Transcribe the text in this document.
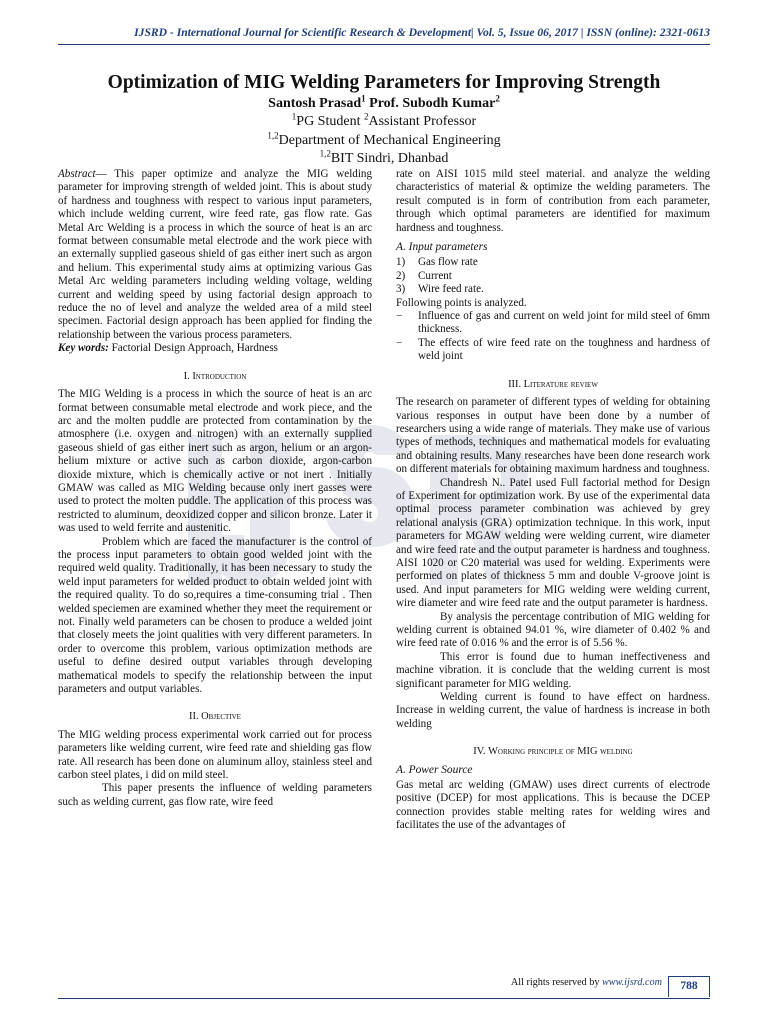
IJSRD - International Journal for Scientific Research & Development| Vol. 5, Issue 06, 2017 | ISSN (online): 2321-0613
Optimization of MIG Welding Parameters for Improving Strength
Santosh Prasad$^1$ Prof. Subodh Kumar$^2$
$^1$PG Student $^2$Assistant Professor
$^{1,2}$Department of Mechanical Engineering
$^{1,2}$BIT Sindri, Dhanbad

Abstract— This paper optimize and analyze the MIG welding parameter for improving strength of welded joint. This is about study of hardness and toughness with respect to various input parameters, which include welding current, wire feed rate, gas flow rate. Gas Metal Arc Welding is a process in which the source of heat is an arc format between consumable metal electrode and the work piece with an externally supplied gaseous shield of gas either inert such as argon and helium. This experimental study aims at optimizing various Gas Metal Arc welding parameters including welding voltage, welding current and welding speed by using factorial design approach to reduce the no of level and analyze the welded area of a mild steel specimen. Factorial design approach has been applied for finding the relationship between the various process parameters.

Key words: Factorial Design Approach, Hardness

I. Introduction

The MIG Welding is a process in which the source of heat is an arc format between consumable metal electrode and work piece, and the arc and the molten puddle are protected from contamination by the atmosphere (i.e. oxygen and nitrogen) with an externally supplied gaseous shield of gas either inert such as argon, helium or an argon-helium mixture or active such as carbon dioxide, argon-carbon dioxide mixture, which is chemically active or not inert . Initially GMAW was called as MIG Welding because only inert gasses were used to protect the molten puddle. The application of this process was restricted to aluminum, deoxidized copper and silicon bronze. Later it was used to weld ferrite and austenitic.

Problem which are faced the manufacturer is the control of the process input parameters to obtain good welded joint with the required weld quality. Traditionally, it has been necessary to study the weld input parameters for welded product to obtain welded joint with the required quality. To do so,requires a time-consuming trial . Then welded speciemen are examined whether they meet the requirement or not. Finally weld parameters can be chosen to produce a welded joint that closely meets the joint qualities with very different parameters. In order to overcome this problem, various optimization methods are useful to define desired output variables through developing mathematical models to specify the relationship between the input parameters and output variables.

II. Objective

The MIG welding process experimental work carried out for process parameters like welding current, wire feed rate and shielding gas flow rate. All research has been done on aluminum alloy, stainless steel and carbon steel plates, i did on mild steel.

This paper presents the influence of welding parameters such as welding current, gas flow rate, wire feed

rate on AISI 1015 mild steel material. and analyze the welding characteristics of material & optimize the welding parameters. The result computed is in form of contribution from each parameter, through which optimal parameters are identified for maximum hardness and toughness.

A. Input parameters

1)	Gas flow rate
2)	Current
3)	Wire feed rate.

Following points is analyzed.

−	Influence of gas and current on weld joint for mild steel of 6mm thickness.
−	The effects of wire feed rate on the toughness and hardness of weld joint

III. Literature review

The research on parameter of different types of welding for obtaining various responses in output have been done by a number of researchers using a wide range of materials. They make use of various types of methods, techniques and mathematical models for evaluating and obtaining results. Many researches have been done research work on different materials for obtaining maximum hardness and toughness.

Chandresh N.. Patel used Full factorial method for Design of Experiment for optimization work. By use of the experimental data optimal process parameter combination was achieved by grey relational analysis (GRA) optimization technique. In this work, input parameters for MGAW welding were welding current, wire diameter and wire feed rate and the output parameter is hardness and toughness. AISI 1020 or C20 material was used for welding. Experiments were performed on plates of thickness 5 mm and double V-groove joint is used. And input parameters for MIG welding were welding current, wire diameter and wire feed rate and the output parameter is hardness.

By analysis the percentage contribution of MIG welding for welding current is obtained 94.01 %, wire diameter of 0.402 % and wire feed rate of 0.016 % and the error is of 5.56 %.

This error is found due to human ineffectiveness and machine vibration. it is conclude that the welding current is most significant parameter for MIG welding.

Welding current is found to have effect on hardness. Increase in welding current, the value of hardness is increase in both welding

IV. Working principle of MIG welding

A. Power Source

Gas metal arc welding (GMAW) uses direct currents of electrode positive (DCEP) for most applications. This is because the DCEP connection provides stable melting rates for welding wires and facilitates the use of the advantages of

All rights reserved by www.ijsrd.com	788
